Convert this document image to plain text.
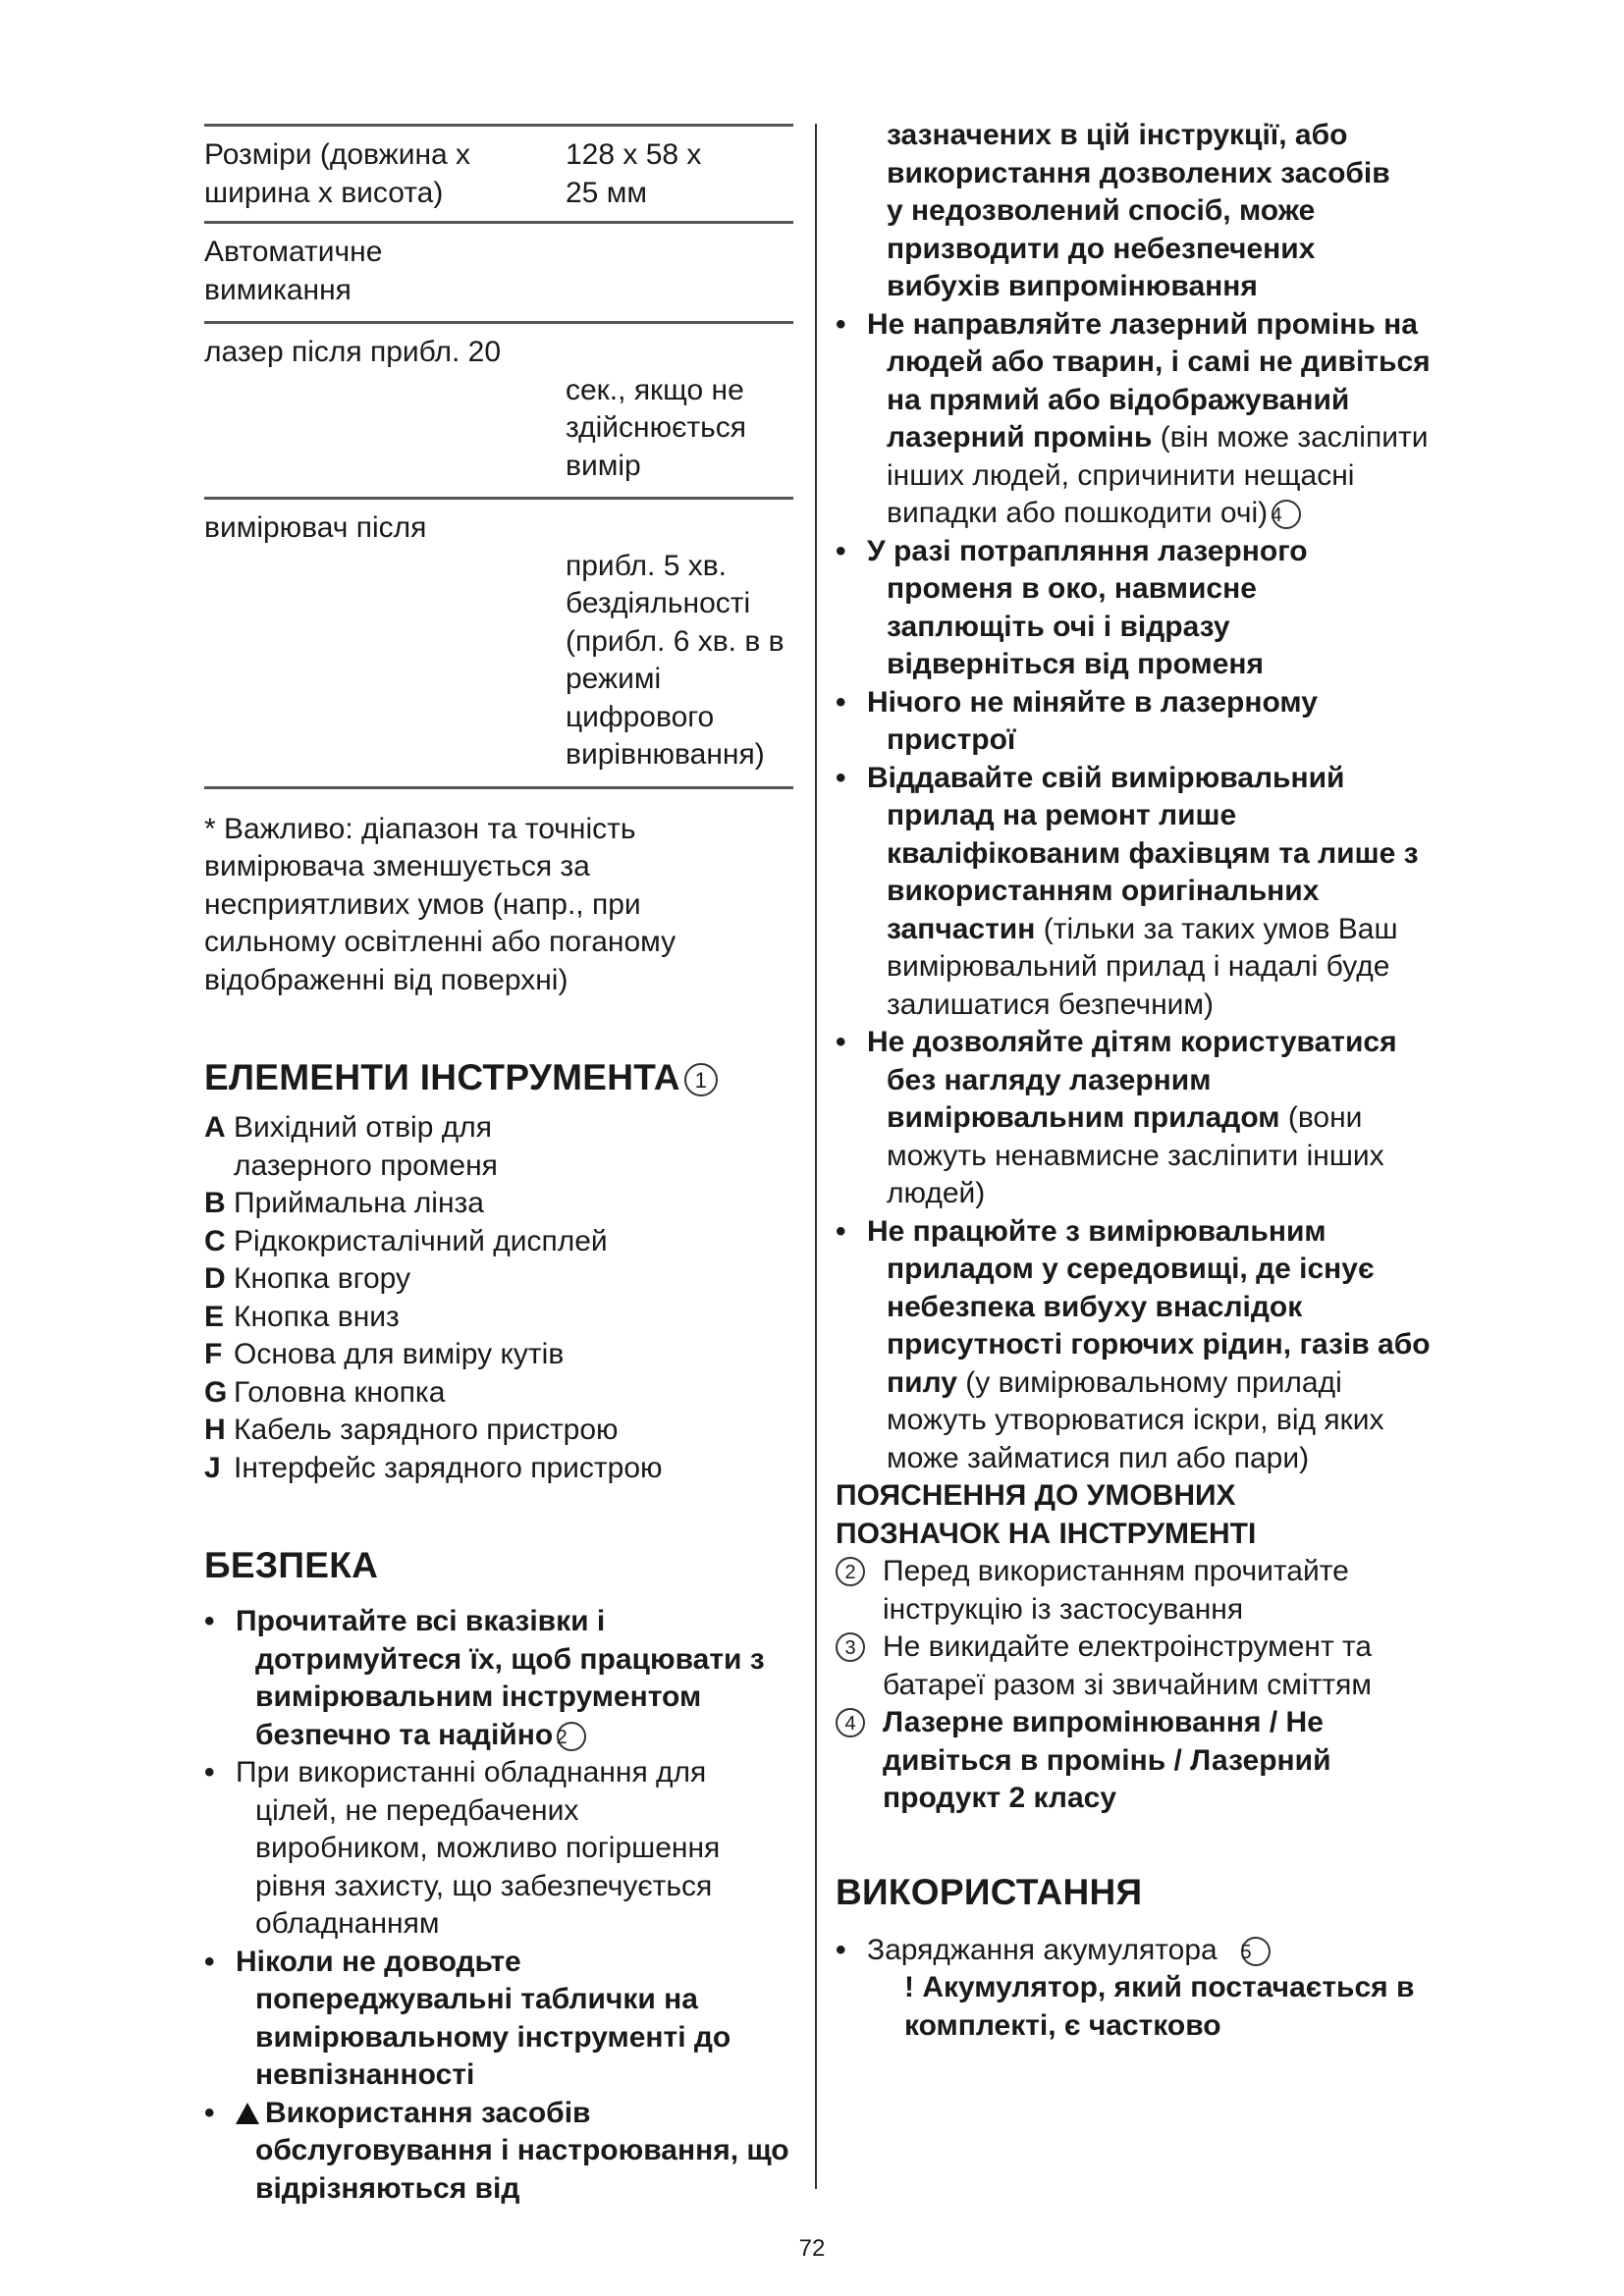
Розміри (довжина х ширина х висота)
128 x 58 x 25 мм
Автоматичне вимикання
лазер після прибл. 20
сек., якщо не здійснюється вимір
вимірювач після
прибл. 5 хв. бездіяльності (прибл. 6 хв. в в режимі цифрового вирівнювання)
* Важливо: діапазон та точність вимірювача зменшується за несприятливих умов (напр., при сильному освітленні або поганому відображенні від поверхні)
ЕЛЕМЕНТИ ІНСТРУМЕНТА 1
A Вихідний отвір для лазерного променя
B Приймальна лінза
C Рідкокристалічний дисплей
D Кнопка вгору
E Кнопка вниз
F Основа для виміру кутів
G Головна кнопка
H Кабель зарядного пристрою
J Інтерфейс зарядного пристрою
БЕЗПЕКА
• Прочитайте всі вказівки і дотримуйтеся їх, щоб працювати з вимірювальним інструментом безпечно та надійно 2
• При використанні обладнання для цілей, не передбачених виробником, можливо погіршення рівня захисту, що забезпечується обладнанням
• Ніколи не доводьте попереджувальні таблички на вимірювальному інструменті до невпізнанності
!• Використання засобів обслуговування і настроювання, що відрізняються від
зазначених в цій інструкції, або використання дозволених засобів у недозволений спосіб, може призводити до небезпечених вибухів випромінювання
• Не направляйте лазерний промінь на людей або тварин, і самі не дивіться на прямий або відображуваний лазерний промінь (він може засліпити інших людей, спричинити нещасні випадки або пошкодити очі) 4
• У разі потрапляння лазерного променя в око, навмисне заплющіть очі і відразу відверніться від променя
• Нічого не міняйте в лазерному пристрої
• Віддавайте свій вимірювальний прилад на ремонт лише кваліфікованим фахівцям та лише з використанням оригінальних запчастин (тільки за таких умов Ваш вимірювальний прилад і надалі буде залишатися безпечним)
• Не дозволяйте дітям користуватися без нагляду лазерним вимірювальним приладом (вони можуть ненавмисне засліпити інших людей)
• Не працюйте з вимірювальним приладом у середовищі, де існує небезпека вибуху внаслідок присутності горючих рідин, газів або пилу (у вимірювальному приладі можуть утворюватися іскри, від яких може займатися пил або пари)
ПОЯСНЕННЯ ДО УМОВНИХ ПОЗНАЧОК НА ІНСТРУМЕНТІ
2 Перед використанням прочитайте інструкцію із застосування
3 Не викидайте електроінструмент та батареї разом зі звичайним сміттям
4 Лазерне випромінювання / Не дивіться в промінь / Лазерний продукт 2 класу
ВИКОРИСТАННЯ
• Заряджання акумулятора 5
! Акумулятор, який постачається в комплекті, є частково
72
